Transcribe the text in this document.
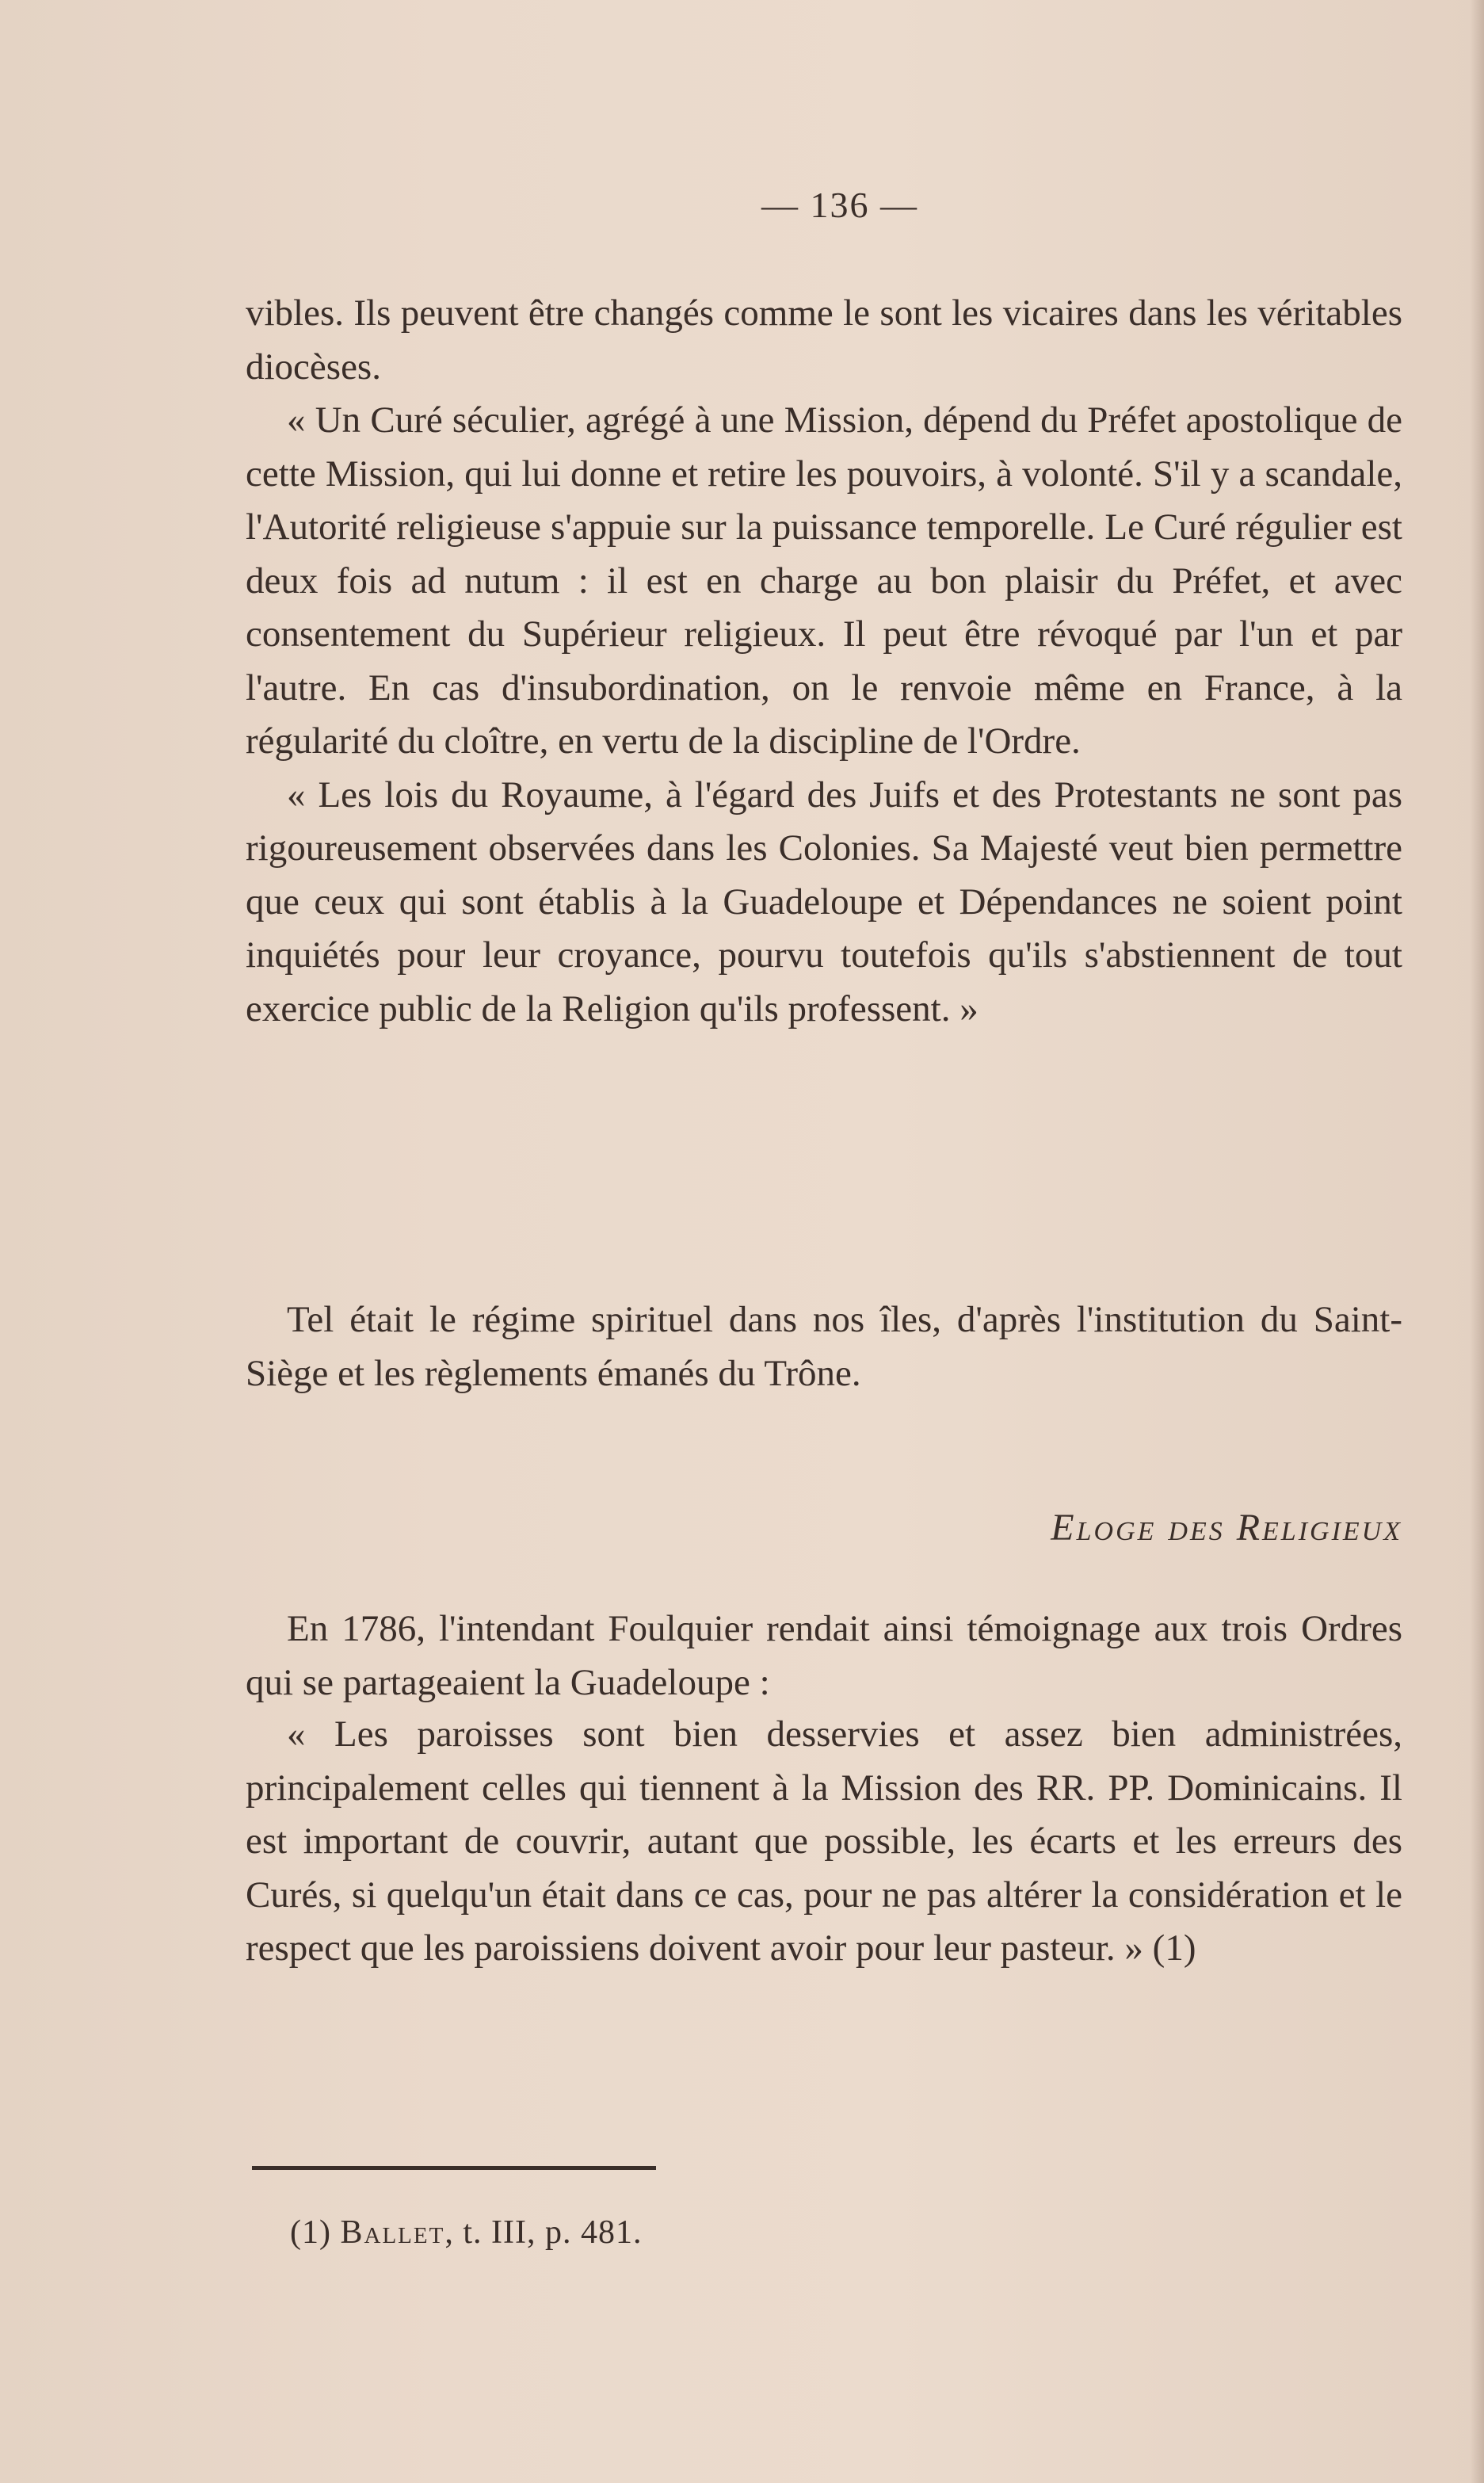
— 136 —

vibles. Ils peuvent être changés comme le sont les vicaires dans les véritables diocèses.

« Un Curé séculier, agrégé à une Mission, dépend du Préfet apostolique de cette Mission, qui lui donne et retire les pouvoirs, à volonté. S'il y a scandale, l'Autorité religieuse s'appuie sur la puissance temporelle. Le Curé régulier est deux fois ad nutum : il est en charge au bon plaisir du Préfet, et avec consentement du Supérieur religieux. Il peut être révoqué par l'un et par l'autre. En cas d'insubordination, on le renvoie même en France, à la régularité du cloître, en vertu de la discipline de l'Ordre.

« Les lois du Royaume, à l'égard des Juifs et des Protestants ne sont pas rigoureusement observées dans les Colonies. Sa Majesté veut bien permettre que ceux qui sont établis à la Guadeloupe et Dépendances ne soient point inquiétés pour leur croyance, pourvu toutefois qu'ils s'abstiennent de tout exercice public de la Religion qu'ils professent. »

Tel était le régime spirituel dans nos îles, d'après l'institution du Saint-Siège et les règlements émanés du Trône.

Eloge des Religieux

En 1786, l'intendant Foulquier rendait ainsi témoignage aux trois Ordres qui se partageaient la Guadeloupe :

« Les paroisses sont bien desservies et assez bien administrées, principalement celles qui tiennent à la Mission des RR. PP. Dominicains. Il est important de couvrir, autant que possible, les écarts et les erreurs des Curés, si quelqu'un était dans ce cas, pour ne pas altérer la considération et le respect que les paroissiens doivent avoir pour leur pasteur. » (1)

(1) Ballet, t. III, p. 481.
